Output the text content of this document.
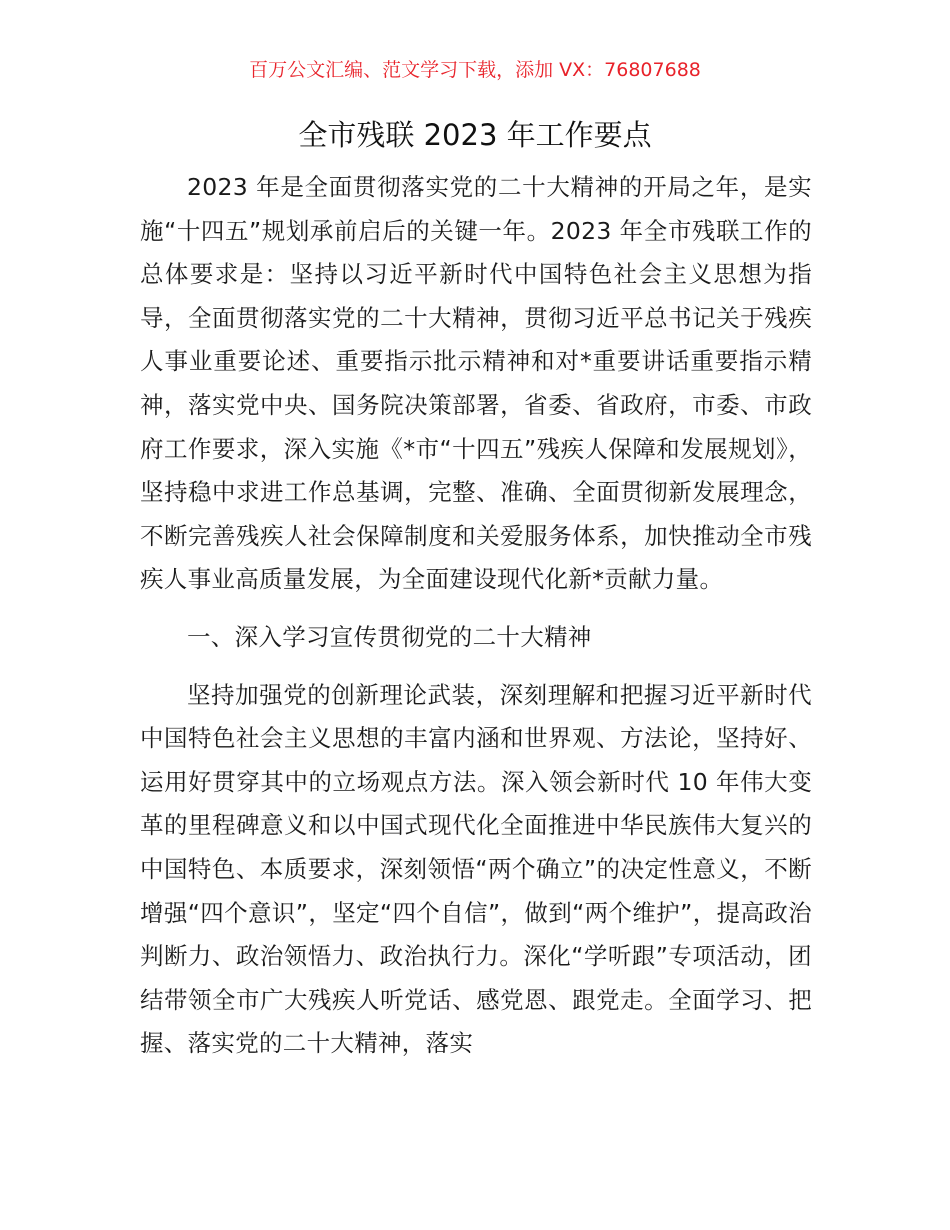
百万公文汇编、范文学习下载，添加 VX：76807688
全市残联 2023 年工作要点

2023 年是全面贯彻落实党的二十大精神的开局之年，是实施“十四五”规划承前启后的关键一年。2023 年全市残联工作的总体要求是：坚持以习近平新时代中国特色社会主义思想为指导，全面贯彻落实党的二十大精神，贯彻习近平总书记关于残疾人事业重要论述、重要指示批示精神和对*重要讲话重要指示精神，落实党中央、国务院决策部署，省委、省政府，市委、市政府工作要求，深入实施《*市“十四五”残疾人保障和发展规划》，坚持稳中求进工作总基调，完整、准确、全面贯彻新发展理念，不断完善残疾人社会保障制度和关爱服务体系，加快推动全市残疾人事业高质量发展，为全面建设现代化新*贡献力量。

一、深入学习宣传贯彻党的二十大精神

坚持加强党的创新理论武装，深刻理解和把握习近平新时代中国特色社会主义思想的丰富内涵和世界观、方法论，坚持好、运用好贯穿其中的立场观点方法。深入领会新时代 10 年伟大变革的里程碑意义和以中国式现代化全面推进中华民族伟大复兴的中国特色、本质要求，深刻领悟“两个确立”的决定性意义，不断增强“四个意识”，坚定“四个自信”，做到“两个维护”，提高政治判断力、政治领悟力、政治执行力。深化“学听跟”专项活动，团结带领全市广大残疾人听党话、感党恩、跟党走。全面学习、把握、落实党的二十大精神，落实
